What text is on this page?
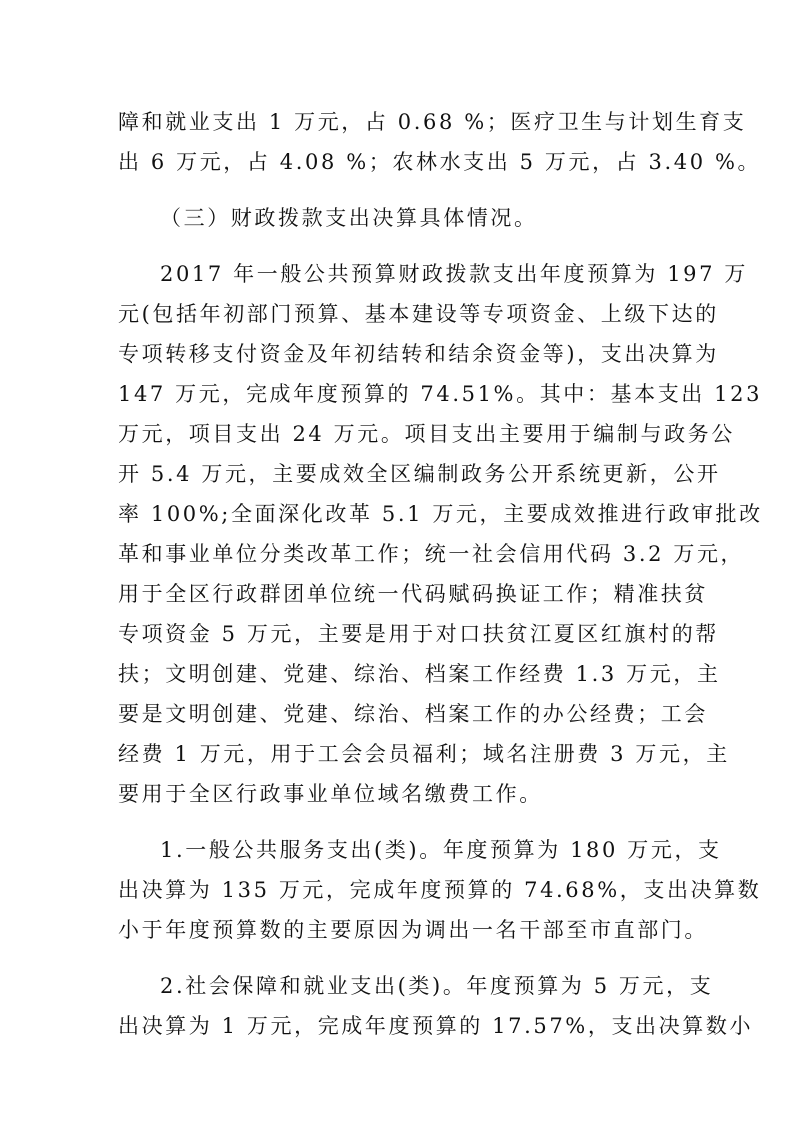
障和就业支出 1 万元，占 0.68 %；医疗卫生与计划生育支
出 6 万元，占 4.08 %；农林水支出 5 万元，占 3.40 %。
（三）财政拨款支出决算具体情况。
2017 年一般公共预算财政拨款支出年度预算为 197 万
元(包括年初部门预算、基本建设等专项资金、上级下达的
专项转移支付资金及年初结转和结余资金等)，支出决算为
147 万元，完成年度预算的 74.51%。其中：基本支出 123
万元，项目支出 24 万元。项目支出主要用于编制与政务公
开 5.4 万元，主要成效全区编制政务公开系统更新，公开
率 100%;全面深化改革 5.1 万元，主要成效推进行政审批改
革和事业单位分类改革工作；统一社会信用代码 3.2 万元，
用于全区行政群团单位统一代码赋码换证工作；精准扶贫
专项资金 5 万元，主要是用于对口扶贫江夏区红旗村的帮
扶；文明创建、党建、综治、档案工作经费 1.3 万元，主
要是文明创建、党建、综治、档案工作的办公经费；工会
经费 1 万元，用于工会会员福利；域名注册费 3 万元，主
要用于全区行政事业单位域名缴费工作。
1.一般公共服务支出(类)。年度预算为 180 万元，支
出决算为 135 万元，完成年度预算的 74.68%，支出决算数
小于年度预算数的主要原因为调出一名干部至市直部门。
2.社会保障和就业支出(类)。年度预算为 5 万元，支
出决算为 1 万元，完成年度预算的 17.57%，支出决算数小
